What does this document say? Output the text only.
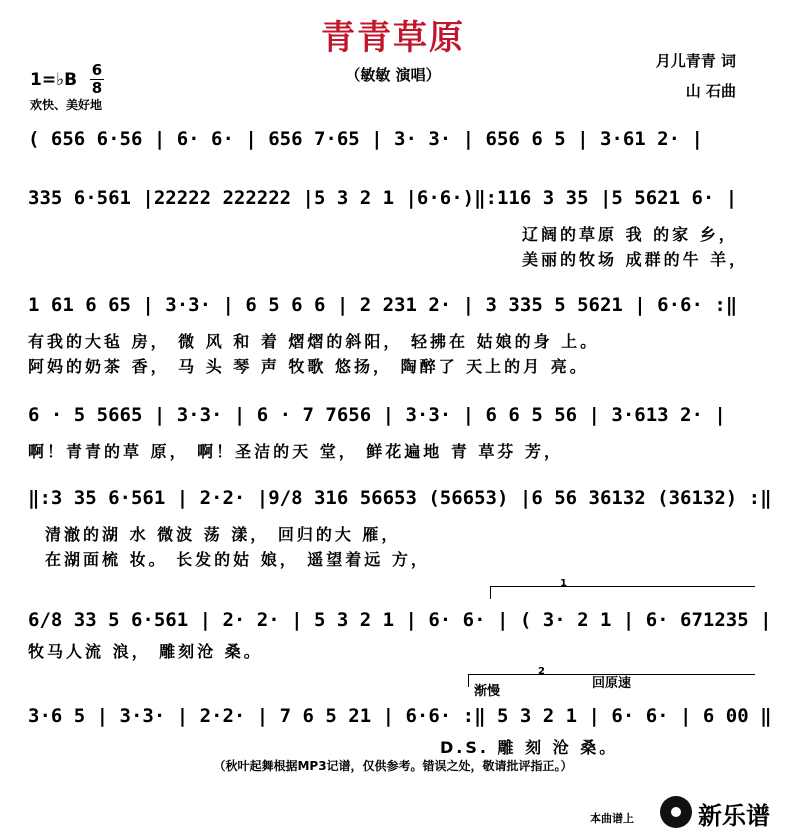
青青草原
（敏敏 演唱）
月儿青青 词
山 石曲
1=♭B 6
8
欢快、美好地
( 656 6·56 | 6· 6· | 656 7·65 | 3· 3· | 656 6 5 | 3·61 2· |
335 6·561 |22222 222222 |5 3 2 1 |6·6·)‖:116 3 35 |5 5621 6· |
辽阔的草原 我 的家 乡，
美丽的牧场 成群的牛 羊，
1 61 6 65 | 3·3· | 6 5 6 6 | 2 231 2· | 3 335 5 5621 | 6·6· :‖
有我的大毡 房， 微 风 和 着 熠熠的斜阳， 轻拂在 姑娘的身 上。
阿妈的奶茶 香， 马 头 琴 声 牧歌 悠扬， 陶醉了 天上的月 亮。
6 · 5 5665 | 3·3· | 6 · 7 7656 | 3·3· | 6 6 5 56 | 3·613 2· |
啊！青青的草 原， 啊！圣洁的天 堂， 鲜花遍地 青 草芬 芳，
‖:3 35 6·561 | 2·2· |9/8 316 56653 (56653) |6 56 36132 (36132) :‖
清澈的湖 水 微波 荡 漾， 回归的大 雁，
在湖面梳 妆。 长发的姑 娘， 遥望着远 方，
1
6/8 33 5 6·561 | 2· 2· | 5 3 2 1 | 6· 6· | ( 3· 2 1 | 6· 671235 |
牧马人流 浪， 雕刻沧 桑。
2
渐慢
回原速
3·6 5 | 3·3· | 2·2· | 7 6 5 21 | 6·6· :‖ 5 3 2 1 | 6· 6· | 6 00 ‖
D.S. 雕 刻 沧 桑。
（秋叶起舞根据MP3记谱，仅供参考。错误之处，敬请批评指正。）
本曲谱上	新乐谱
